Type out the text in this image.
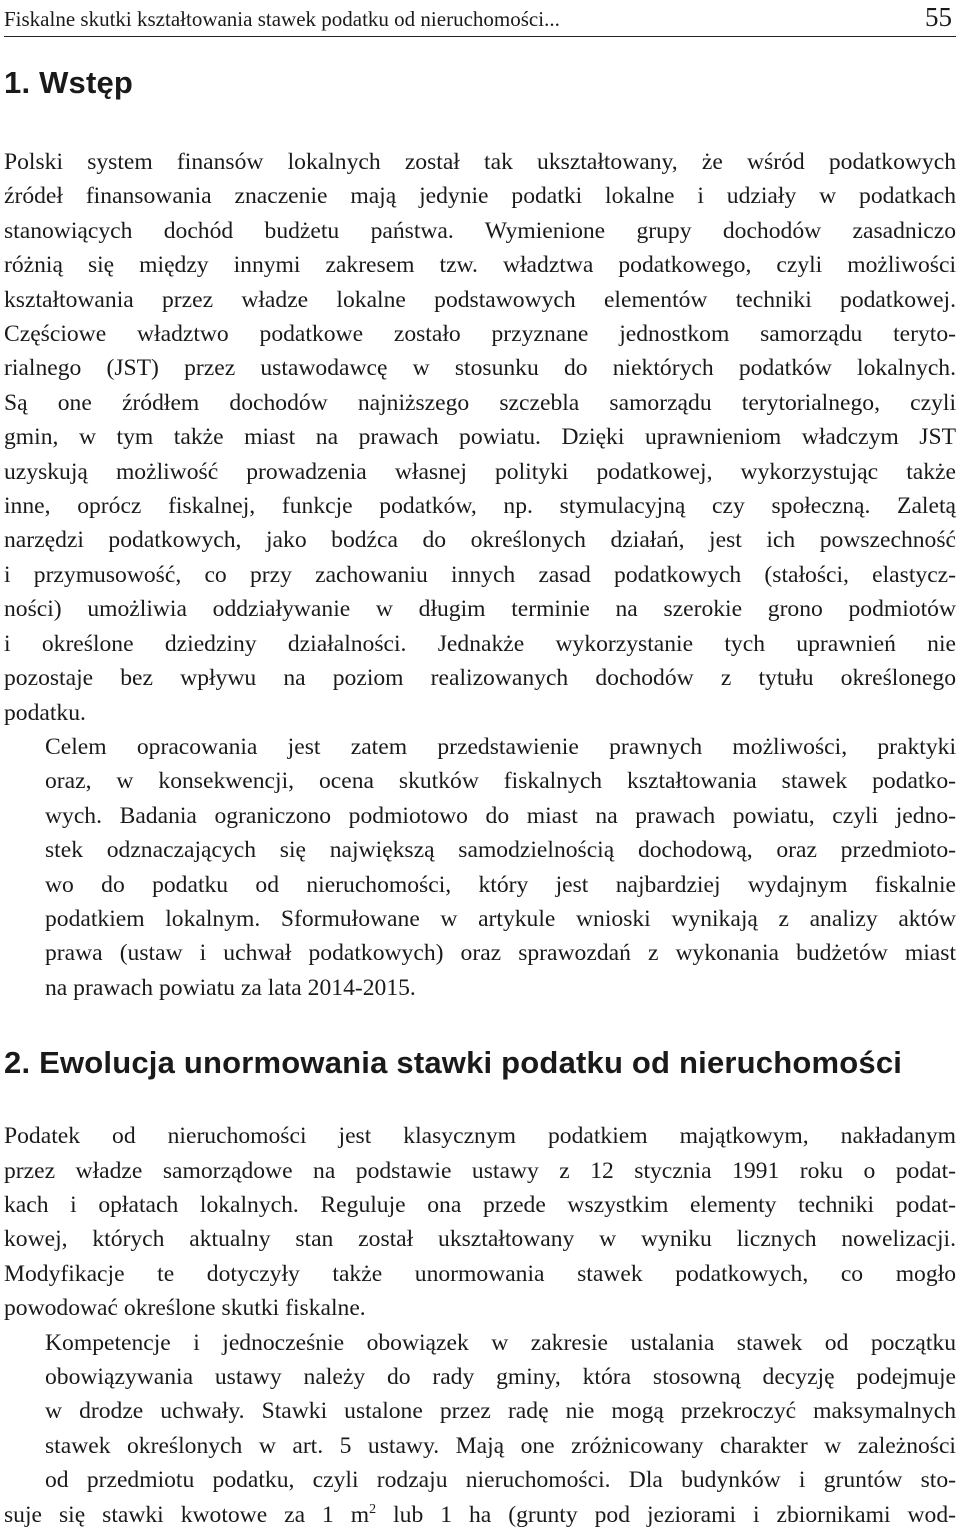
Fiskalne skutki kształtowania stawek podatku od nieruchomości...	55
1. Wstęp

Polski system finansów lokalnych został tak ukształtowany, że wśród podatkowych
źródeł finansowania znaczenie mają jedynie podatki lokalne i udziały w podatkach
stanowiących dochód budżetu państwa. Wymienione grupy dochodów zasadniczo
różnią się między innymi zakresem tzw. władztwa podatkowego, czyli możliwości
kształtowania przez władze lokalne podstawowych elementów techniki podatkowej.
Częściowe władztwo podatkowe zostało przyznane jednostkom samorządu teryto-
rialnego (JST) przez ustawodawcę w stosunku do niektórych podatków lokalnych.
Są one źródłem dochodów najniższego szczebla samorządu terytorialnego, czyli
gmin, w tym także miast na prawach powiatu. Dzięki uprawnieniom władczym JST
uzyskują możliwość prowadzenia własnej polityki podatkowej, wykorzystując także
inne, oprócz fiskalnej, funkcje podatków, np. stymulacyjną czy społeczną. Zaletą
narzędzi podatkowych, jako bodźca do określonych działań, jest ich powszechność
i przymusowość, co przy zachowaniu innych zasad podatkowych (stałości, elastycz-
ności) umożliwia oddziaływanie w długim terminie na szerokie grono podmiotów
i określone dziedziny działalności. Jednakże wykorzystanie tych uprawnień nie
pozostaje bez wpływu na poziom realizowanych dochodów z tytułu określonego
podatku.

Celem opracowania jest zatem przedstawienie prawnych możliwości, praktyki
oraz, w konsekwencji, ocena skutków fiskalnych kształtowania stawek podatko-
wych. Badania ograniczono podmiotowo do miast na prawach powiatu, czyli jedno-
stek odznaczających się największą samodzielnością dochodową, oraz przedmioto-
wo do podatku od nieruchomości, który jest najbardziej wydajnym fiskalnie
podatkiem lokalnym. Sformułowane w artykule wnioski wynikają z analizy aktów
prawa (ustaw i uchwał podatkowych) oraz sprawozdań z wykonania budżetów miast
na prawach powiatu za lata 2014-2015.

2. Ewolucja unormowania stawki podatku od nieruchomości

Podatek od nieruchomości jest klasycznym podatkiem majątkowym, nakładanym
przez władze samorządowe na podstawie ustawy z 12 stycznia 1991 roku o podat-
kach i opłatach lokalnych. Reguluje ona przede wszystkim elementy techniki podat-
kowej, których aktualny stan został ukształtowany w wyniku licznych nowelizacji.
Modyfikacje te dotyczyły także unormowania stawek podatkowych, co mogło
powodować określone skutki fiskalne.

Kompetencje i jednocześnie obowiązek w zakresie ustalania stawek od początku
obowiązywania ustawy należy do rady gminy, która stosowną decyzję podejmuje
w drodze uchwały. Stawki ustalone przez radę nie mogą przekroczyć maksymalnych
stawek określonych w art. 5 ustawy. Mają one zróżnicowany charakter w zależności
od przedmiotu podatku, czyli rodzaju nieruchomości. Dla budynków i gruntów sto-

suje się stawki kwotowe za 1 $m^2$ lub 1 ha (grunty pod jeziorami i zbiornikami wod-
